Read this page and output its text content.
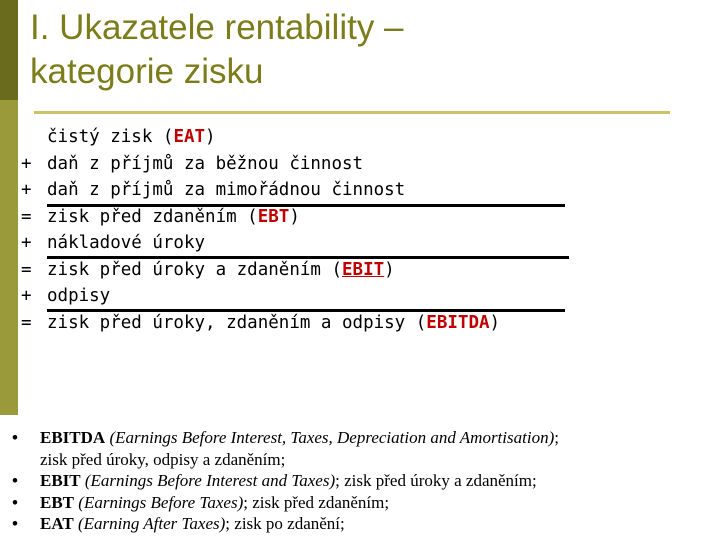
I. Ukazatele rentability –
kategorie zisku
čistý zisk (EAT)
+ daň z příjmů za běžnou činnost
+ daň z příjmů za mimořádnou činnost
= zisk před zdaněním (EBT)
+ nákladové úroky
= zisk před úroky a zdaněním (EBIT)
+ odpisy
= zisk před úroky, zdaněním a odpisy (EBITDA)
• EBITDA (Earnings Before Interest, Taxes, Depreciation and Amortisation);
zisk před úroky, odpisy a zdaněním;
• EBIT (Earnings Before Interest and Taxes); zisk před úroky a zdaněním;
• EBT (Earnings Before Taxes); zisk před zdaněním;
• EAT (Earning After Taxes); zisk po zdanění;
